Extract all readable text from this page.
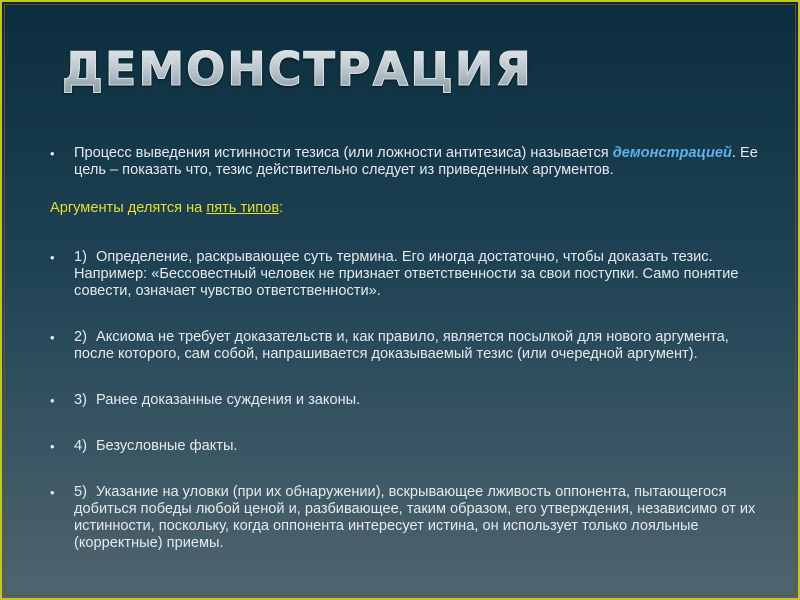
ДЕМОНСТРАЦИЯ
• Процесс выведения истинности тезиса (или ложности антитезиса) называется демонстрацией. Ее цель – показать что, тезис действительно следует из приведенных аргументов.
Аргументы делятся на пять типов:
• 1) Определение, раскрывающее суть термина. Его иногда достаточно, чтобы доказать тезис. Например: «Бессовестный человек не признает ответственности за свои поступки. Само понятие совести, означает чувство ответственности».
• 2) Аксиома не требует доказательств и, как правило, является посылкой для нового аргумента, после которого, сам собой, напрашивается доказываемый тезис (или очередной аргумент).
• 3) Ранее доказанные суждения и законы.
• 4) Безусловные факты.
• 5) Указание на уловки (при их обнаружении), вскрывающее лживость оппонента, пытающегося добиться победы любой ценой и, разбивающее, таким образом, его утверждения, независимо от их истинности, поскольку, когда оппонента интересует истина, он использует только лояльные (корректные) приемы.
